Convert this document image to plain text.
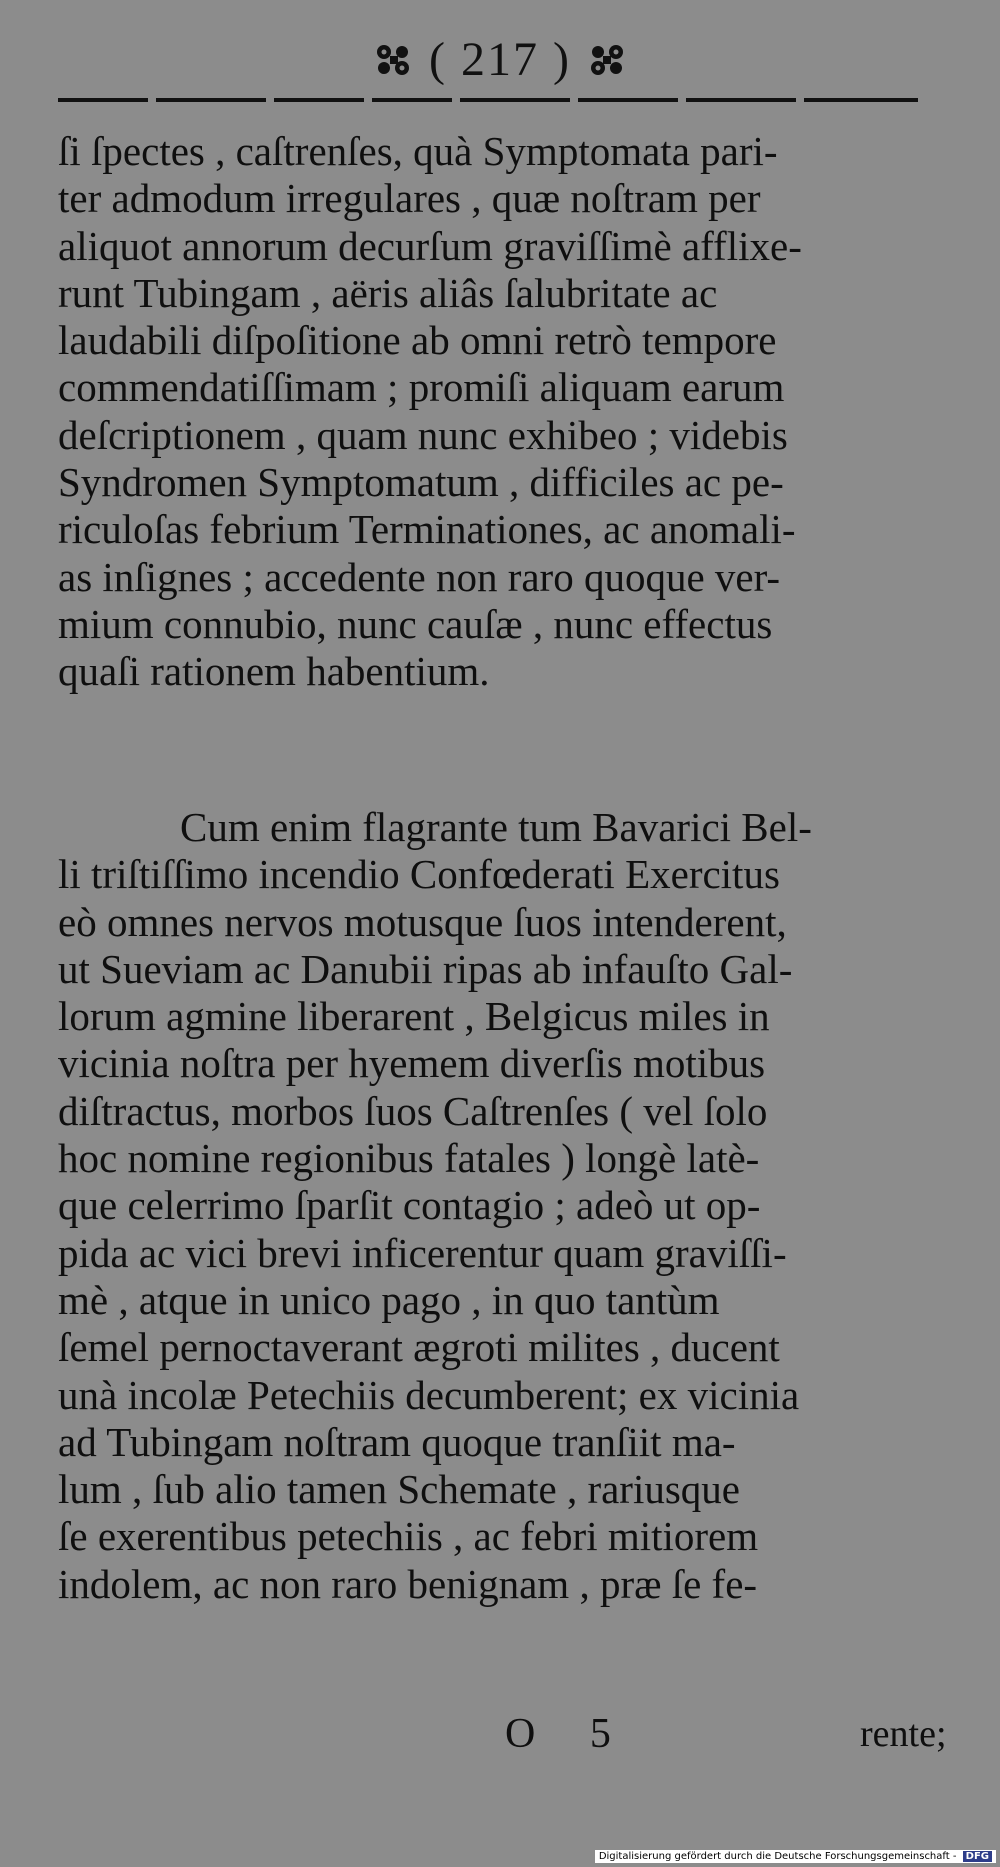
( 217 )
ſi ſpectes , caſtrenſes, quà Symptomata pari-
ter admodum irregulares , quæ noſtram per
aliquot annorum decurſum graviſſimè afflixe-
runt Tubingam , aëris aliâs ſalubritate ac
laudabili diſpoſitione ab omni retrò tempore
commendatiſſimam ; promiſi aliquam earum
deſcriptionem , quam nunc exhibeo ; videbis
Syndromen Symptomatum , difficiles ac pe-
riculoſas febrium Terminationes, ac anomali-
as inſignes ; accedente non raro quoque ver-
mium connubio, nunc cauſæ , nunc effectus
quaſi rationem habentium.
Cum enim flagrante tum Bavarici Bel-
li triſtiſſimo incendio Confœderati Exercitus
eò omnes nervos motusque ſuos intenderent,
ut Sueviam ac Danubii ripas ab infauſto Gal-
lorum agmine liberarent , Belgicus miles in
vicinia noſtra per hyemem diverſis motibus
diſtractus, morbos ſuos Caſtrenſes ( vel ſolo
hoc nomine regionibus fatales ) longè latè-
que celerrimo ſparſit contagio ; adeò ut op-
pida ac vici brevi inficerentur quam graviſſi-
mè , atque in unico pago , in quo tantùm
ſemel pernoctaverant ægroti milites , ducent
unà incolæ Petechiis decumberent; ex vicinia
ad Tubingam noſtram quoque tranſiit ma-
lum , ſub alio tamen Schemate , rariusque
ſe exerentibus petechiis , ac febri mitiorem
indolem, ac non raro benignam , præ ſe fe-
O 5	rente;
Digitalisierung gefördert durch die Deutsche Forschungsgemeinschaft - DFG
